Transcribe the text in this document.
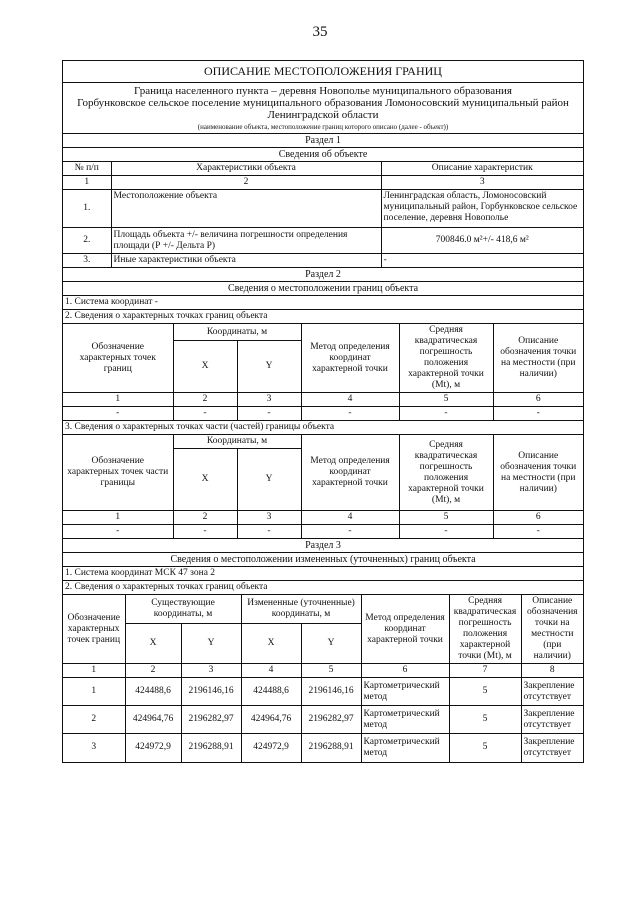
35
ОПИСАНИЕ МЕСТОПОЛОЖЕНИЯ ГРАНИЦ
Граница населенного пункта – деревня Новополье муниципального образования
Горбунковское сельское поселение муниципального образования Ломоносовский муниципальный район
Ленинградской области
(наименование объекта, местоположение границ которого описано (далее - объект))
Раздел 1
Сведения об объекте
№ п/п	Характеристики объекта	Описание характеристик
1	2	3
1.	Местоположение объекта	Ленинградская область, Ломоносовский муниципальный район, Горбунковское сельское поселение, деревня Новополье
2.	Площадь объекта +/- величина погрешности определения площади (Р +/- Дельта Р)	700846.0 м²+/- 418,6 м²
3.	Иные характеристики объекта	-
Раздел 2
Сведения о местоположении границ объекта
1. Система координат -
2. Сведения о характерных точках границ объекта
Обозначение характерных точек границ	Координаты, м		Метод определения координат характерной точки	Средняя квадратическая погрешность положения характерной точки (Mt), м	Описание обозначения точки на местности (при наличии)
	X	Y			
1	2	3	4	5	6
-	-	-	-	-	-
3. Сведения о характерных точках части (частей) границы объекта
Обозначение характерных точек части границы	Координаты, м		Метод определения координат характерной точки	Средняя квадратическая погрешность положения характерной точки (Mt), м	Описание обозначения точки на местности (при наличии)
	X	Y			
1	2	3	4	5	6
-	-	-	-	-	-
Раздел 3
Сведения о местоположении измененных (уточненных) границ объекта
1. Система координат МСК 47 зона 2
2. Сведения о характерных точках границ объекта
Обозначение характерных точек границ	Существующие координаты, м		Измененные (уточненные) координаты, м		Метод определения координат характерной точки	Средняя квадратическая погрешность положения характерной точки (Mt), м	Описание обозначения точки на местности (при наличии)
	X	Y	X	Y			
1	2	3	4	5	6	7	8
1	424488,6	2196146,16	424488,6	2196146,16	Картометрический метод	5	Закрепление отсутствует
2	424964,76	2196282,97	424964,76	2196282,97	Картометрический метод	5	Закрепление отсутствует
3	424972,9	2196288,91	424972,9	2196288,91	Картометрический метод	5	Закрепление отсутствует
